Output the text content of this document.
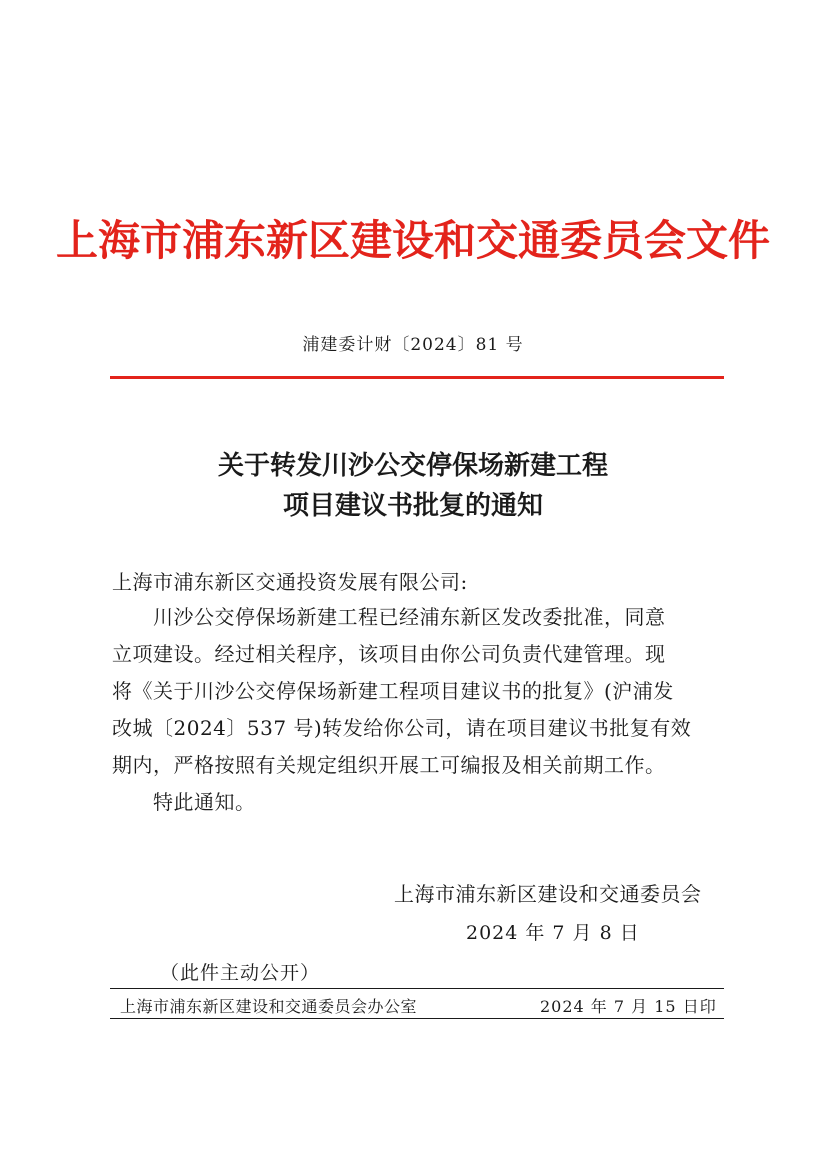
上海市浦东新区建设和交通委员会文件
浦建委计财〔2024〕81 号
关于转发川沙公交停保场新建工程
项目建议书批复的通知
上海市浦东新区交通投资发展有限公司:
　　川沙公交停保场新建工程已经浦东新区发改委批准，同意
立项建设。经过相关程序，该项目由你公司负责代建管理。现
将《关于川沙公交停保场新建工程项目建议书的批复》(沪浦发
改城〔2024〕537 号)转发给你公司，请在项目建议书批复有效
期内，严格按照有关规定组织开展工可编报及相关前期工作。
　　特此通知。
上海市浦东新区建设和交通委员会
2024 年 7 月 8 日
（此件主动公开）
上海市浦东新区建设和交通委员会办公室	2024 年 7 月 15 日印
